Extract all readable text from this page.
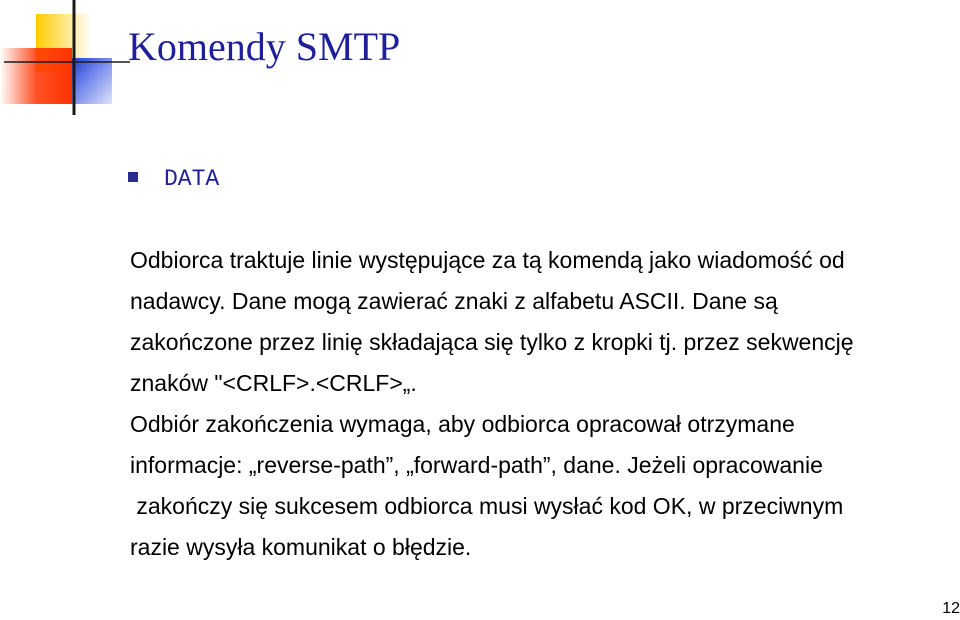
Komendy SMTP
DATA

Odbiorca traktuje linie występujące za tą komendą jako wiadomość od
nadawcy. Dane mogą zawierać znaki z alfabetu ASCII. Dane są
zakończone przez linię składająca się tylko z kropki tj. przez sekwencję
znaków "<CRLF>.<CRLF>„.
Odbiór zakończenia wymaga, aby odbiorca opracował otrzymane
informacje: „reverse-path”, „forward-path”, dane. Jeżeli opracowanie
zakończy się sukcesem odbiorca musi wysłać kod OK, w przeciwnym
razie wysyła komunikat o błędzie.

12
